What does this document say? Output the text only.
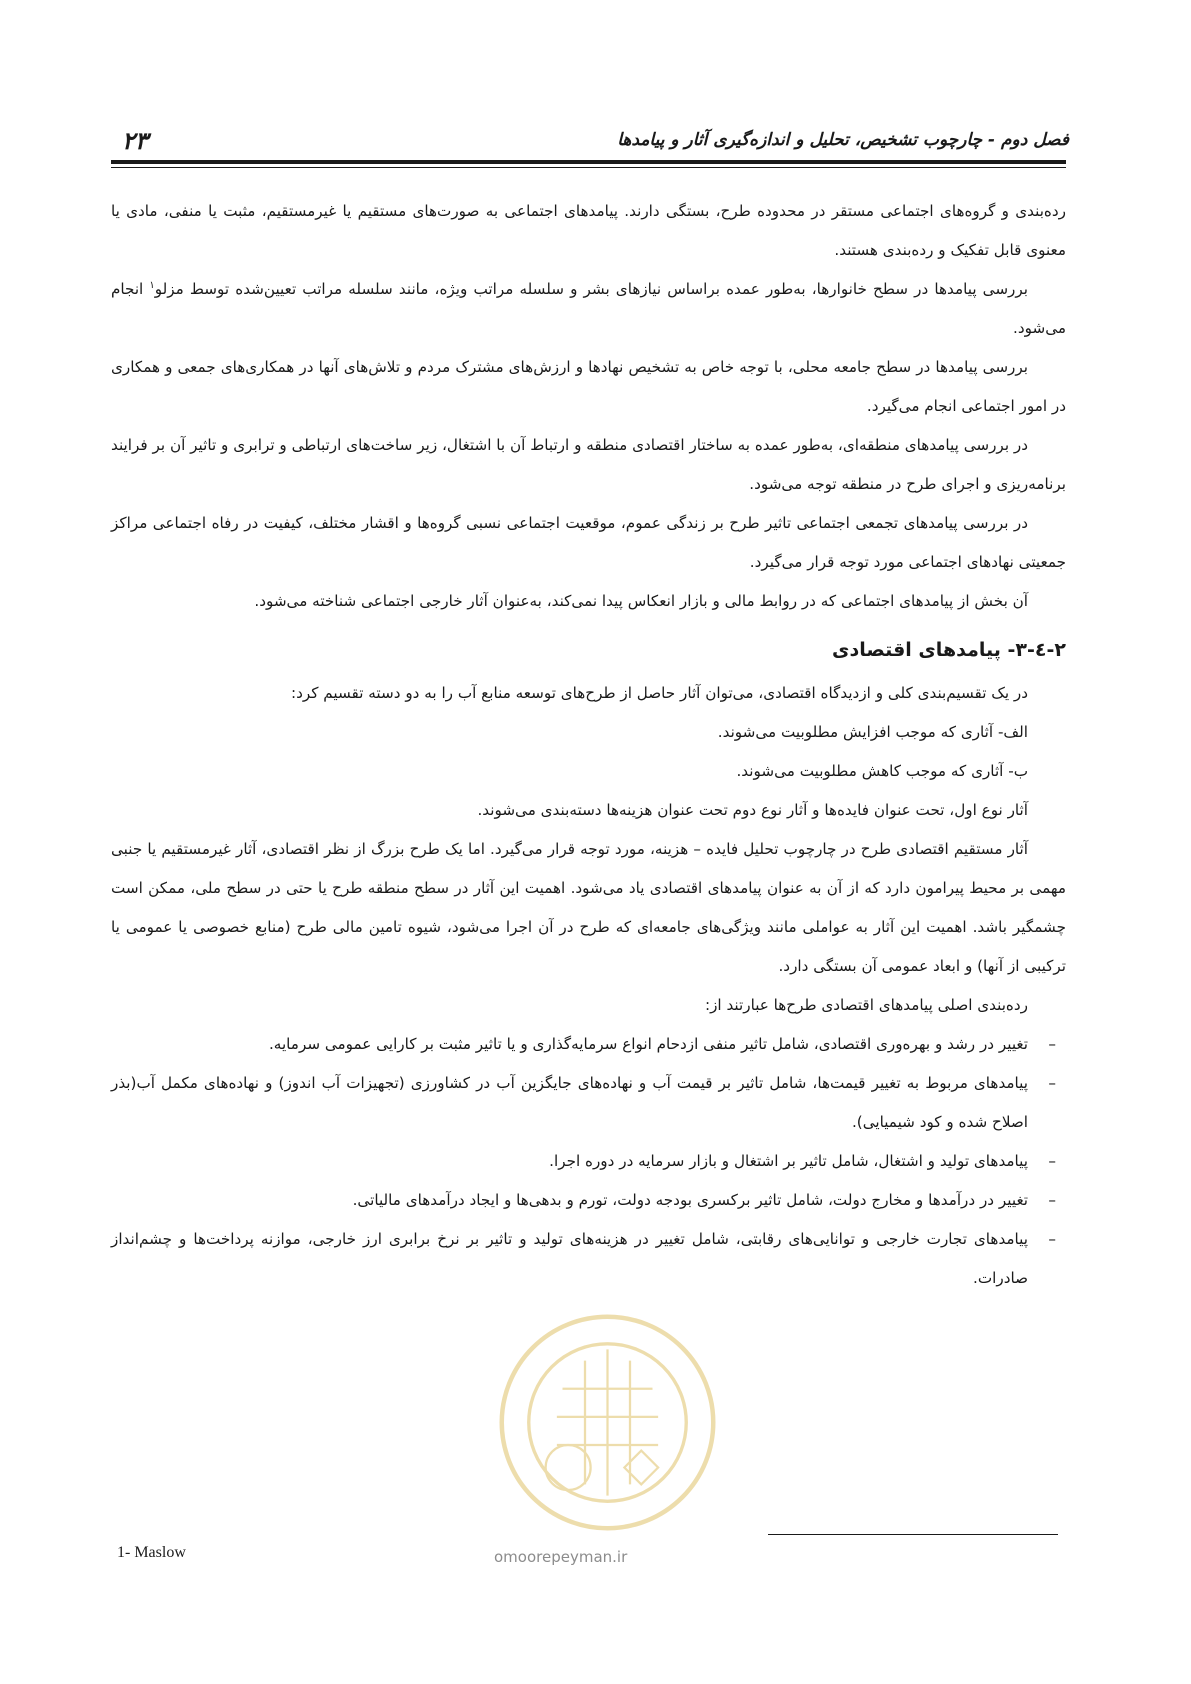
۲۳	فصل دوم - چارچوب تشخیص، تحلیل و اندازه‌گیری آثار و پیامدها

رده‌بندی و گروه‌های اجتماعی مستقر در محدوده طرح، بستگی دارند. پیامدهای اجتماعی به صورت‌های مستقیم یا غیرمستقیم، مثبت یا منفی، مادی یا معنوی قابل تفکیک و رده‌بندی هستند.

بررسی پیامدها در سطح خانوارها، به‌طور عمده براساس نیازهای بشر و سلسله مراتب ویژه، مانند سلسله مراتب تعیین‌شده توسط مزلو$^۱$ انجام می‌شود.

بررسی پیامدها در سطح جامعه محلی، با توجه خاص به تشخیص نهادها و ارزش‌های مشترک مردم و تلاش‌های آنها در همکاری‌های جمعی و همکاری در امور اجتماعی انجام می‌گیرد.

در بررسی پیامدهای منطقه‌ای، به‌طور عمده به ساختار اقتصادی منطقه و ارتباط آن با اشتغال، زیر ساخت‌های ارتباطی و ترابری و تاثیر آن بر فرایند برنامه‌ریزی و اجرای طرح در منطقه توجه می‌شود.

در بررسی پیامدهای تجمعی اجتماعی تاثیر طرح بر زندگی عموم، موقعیت اجتماعی نسبی گروه‌ها و اقشار مختلف، کیفیت در رفاه اجتماعی مراکز جمعیتی نهادهای اجتماعی مورد توجه قرار می‌گیرد.

آن بخش از پیامدهای اجتماعی که در روابط مالی و بازار انعکاس پیدا نمی‌کند، به‌عنوان آثار خارجی اجتماعی شناخته می‌شود.

۲-٤-۳- پیامدهای اقتصادی

در یک تقسیم‌بندی کلی و ازدیدگاه اقتصادی، می‌توان آثار حاصل از طرح‌های توسعه منابع آب را به دو دسته تقسیم کرد:

الف- آثاری که موجب افزایش مطلوبیت می‌شوند.

ب- آثاری که موجب کاهش مطلوبیت می‌شوند.

آثار نوع اول، تحت عنوان فایده‌ها و آثار نوع دوم تحت عنوان هزینه‌ها دسته‌بندی می‌شوند.

آثار مستقیم اقتصادی طرح در چارچوب تحلیل فایده – هزینه، مورد توجه قرار می‌گیرد. اما یک طرح بزرگ از نظر اقتصادی، آثار غیرمستقیم یا جنبی مهمی بر محیط پیرامون دارد که از آن به عنوان پیامدهای اقتصادی یاد می‌شود. اهمیت این آثار در سطح منطقه طرح یا حتی در سطح ملی، ممکن است چشمگیر باشد. اهمیت این آثار به عواملی مانند ویژگی‌های جامعه‌ای که طرح در آن اجرا می‌شود، شیوه تامین مالی طرح (منابع خصوصی یا عمومی یا ترکیبی از آنها) و ابعاد عمومی آن بستگی دارد.

رده‌بندی اصلی پیامدهای اقتصادی طرح‌ها عبارتند از:

–
تغییر در رشد و بهره‌وری اقتصادی، شامل تاثیر منفی ازدحام انواع سرمایه‌گذاری و یا تاثیر مثبت بر کارایی عمومی سرمایه.
–
پیامدهای مربوط به تغییر قیمت‌ها، شامل تاثیر بر قیمت آب و نهاده‌های جایگزین آب در کشاورزی (تجهیزات آب اندوز) و نهاده‌های مکمل آب(بذر اصلاح شده و کود شیمیایی).
–
پیامدهای تولید و اشتغال، شامل تاثیر بر اشتغال و بازار سرمایه در دوره اجرا.
–
تغییر در درآمدها و مخارج دولت، شامل تاثیر برکسری بودجه دولت، تورم و بدهی‌ها و ایجاد درآمدهای مالیاتی.
–
پیامدهای تجارت خارجی و توانایی‌های رقابتی، شامل تغییر در هزینه‌های تولید و تاثیر بر نرخ برابری ارز خارجی، موازنه پرداخت‌ها و چشم‌انداز صادرات.
1- Maslow	omoorepeyman.ir
